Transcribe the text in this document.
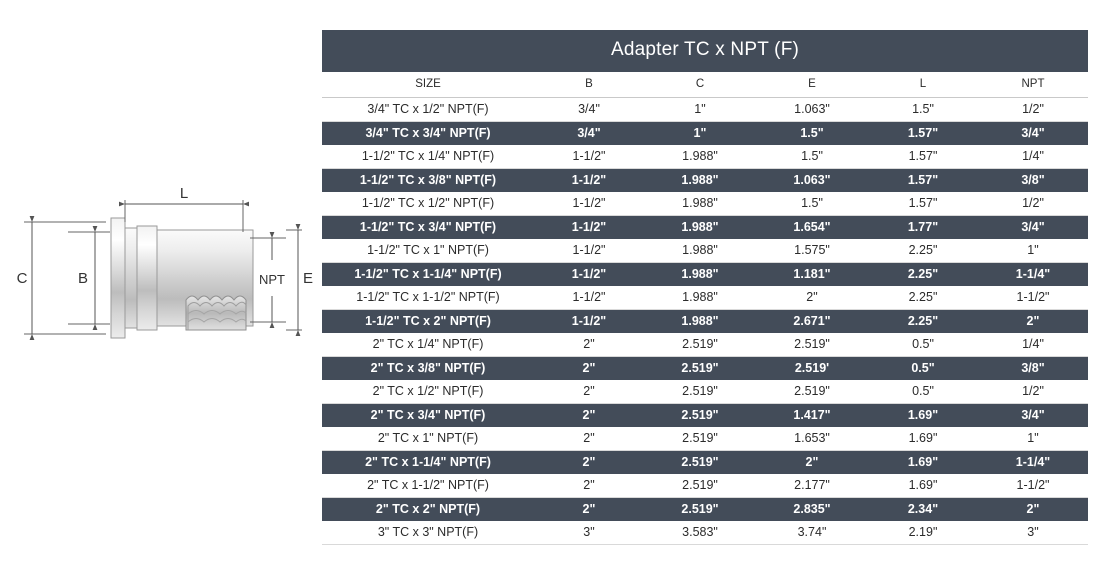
L
C	B	NPT E
Adapter TC x NPT (F)
SIZE	B	C	E	L	NPT
3/4" TC x 1/2" NPT(F)	3/4"	1"	1.063"	1.5"	1/2"
3/4" TC x 3/4" NPT(F)	3/4"	1"	1.5"	1.57"	3/4"
1-1/2" TC x 1/4" NPT(F)	1-1/2"	1.988"	1.5"	1.57"	1/4"
1-1/2" TC x 3/8" NPT(F)	1-1/2"	1.988"	1.063"	1.57"	3/8"
1-1/2" TC x 1/2" NPT(F)	1-1/2"	1.988"	1.5"	1.57"	1/2"
1-1/2" TC x 3/4" NPT(F)	1-1/2"	1.988"	1.654"	1.77"	3/4"
1-1/2" TC x 1" NPT(F)	1-1/2"	1.988"	1.575"	2.25"	1"
1-1/2" TC x 1-1/4" NPT(F)	1-1/2"	1.988"	1.181"	2.25"	1-1/4"
1-1/2" TC x 1-1/2" NPT(F)	1-1/2"	1.988"	2"	2.25"	1-1/2"
1-1/2" TC x 2" NPT(F)	1-1/2"	1.988"	2.671"	2.25"	2"
2" TC x 1/4" NPT(F)	2"	2.519"	2.519"	0.5"	1/4"
2" TC x 3/8" NPT(F)	2"	2.519"	2.519'	0.5"	3/8"
2" TC x 1/2" NPT(F)	2"	2.519"	2.519"	0.5"	1/2"
2" TC x 3/4" NPT(F)	2"	2.519"	1.417"	1.69"	3/4"
2" TC x 1" NPT(F)	2"	2.519"	1.653"	1.69"	1"
2" TC x 1-1/4" NPT(F)	2"	2.519"	2"	1.69"	1-1/4"
2" TC x 1-1/2" NPT(F)	2"	2.519"	2.177"	1.69"	1-1/2"
2" TC x 2" NPT(F)	2"	2.519"	2.835"	2.34"	2"
3" TC x 3" NPT(F)	3"	3.583"	3.74"	2.19"	3"
